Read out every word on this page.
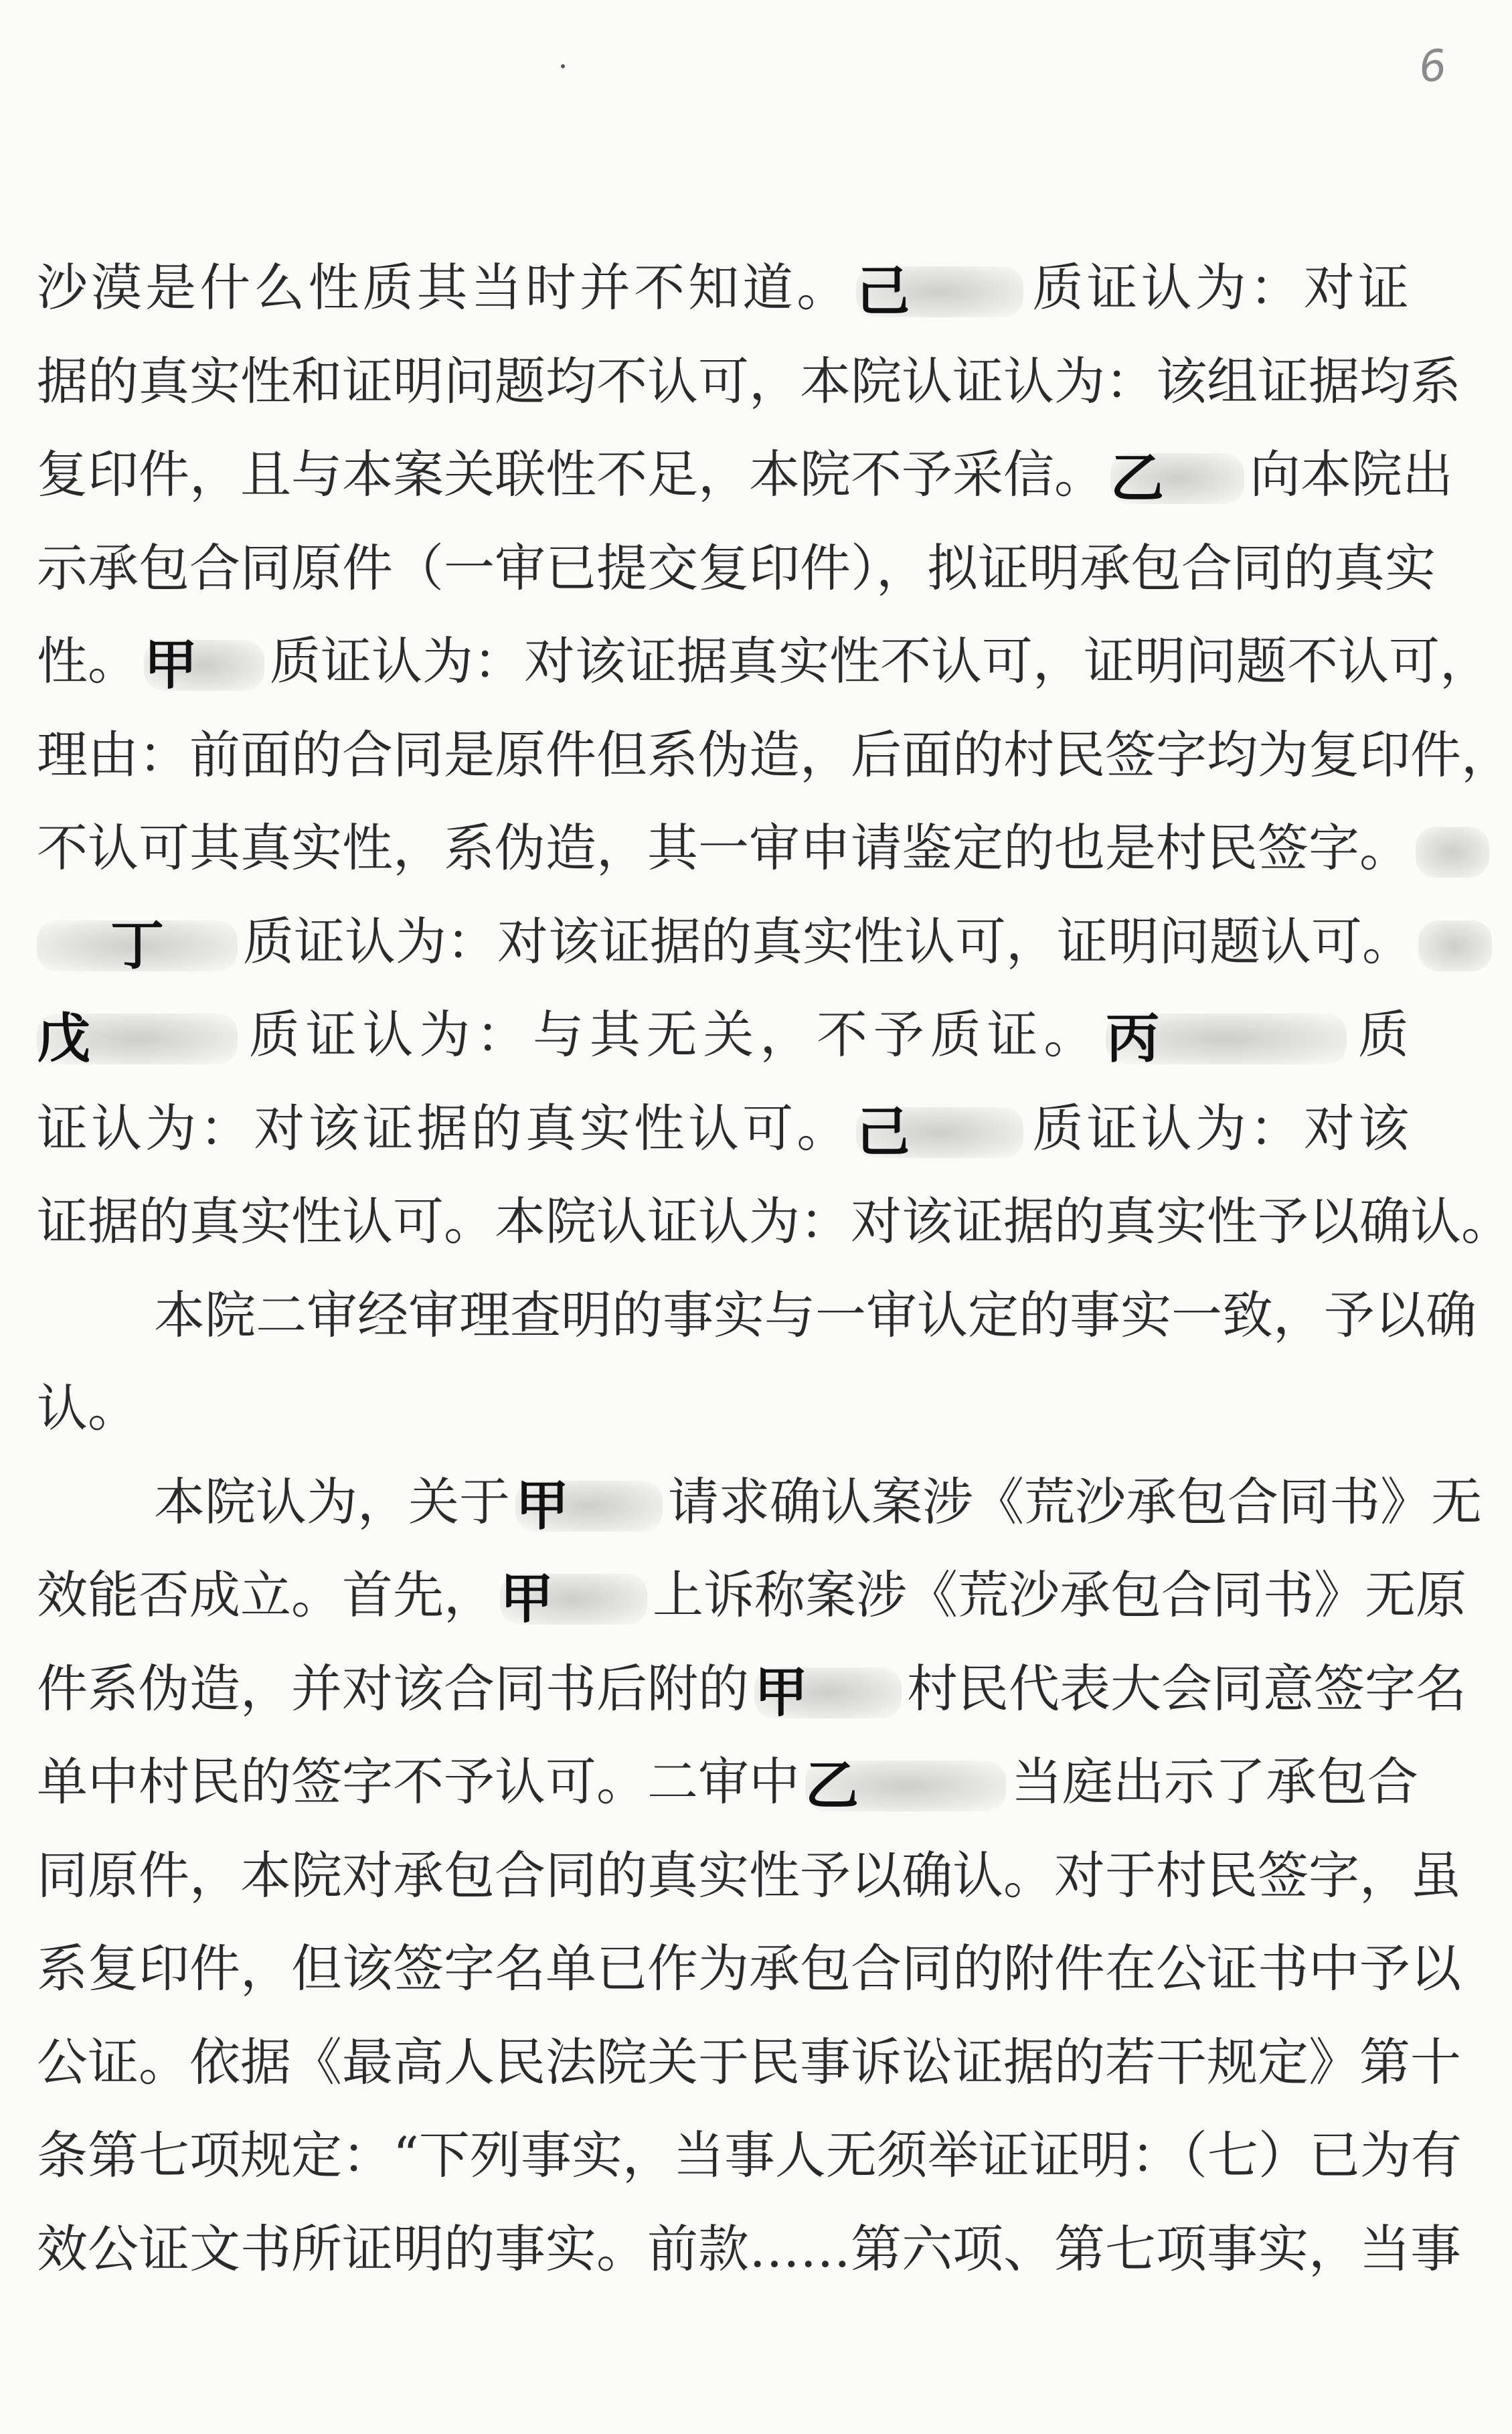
6
沙漠是什么性质其当时并不知道。 己 质证认为：对证
据的真实性和证明问题均不认可，本院认证认为：该组证据均系
复印件，且与本案关联性不足，本院不予采信。 乙 向本院出
示承包合同原件（一审已提交复印件），拟证明承包合同的真实
性。 甲 质证认为：对该证据真实性不认可，证明问题不认可，
理由：前面的合同是原件但系伪造，后面的村民签字均为复印件，
不认可其真实性，系伪造，其一审申请鉴定的也是村民签字。
丁 质证认为：对该证据的真实性认可，证明问题认可。
戊	质证认为：与其无关，不予质证。 丙	质
证认为：对该证据的真实性认可。 己 质证认为：对该
证据的真实性认可。本院认证认为：对该证据的真实性予以确认。
本院二审经审理查明的事实与一审认定的事实一致，予以确
认。
本院认为，关于 甲 请求确认案涉《荒沙承包合同书》无
效能否成立。首先， 甲 上诉称案涉《荒沙承包合同书》无原
件系伪造，并对该合同书后附的 甲 村民代表大会同意签字名
单中村民的签字不予认可。二审中 乙	当庭出示了承包合
同原件，本院对承包合同的真实性予以确认。对于村民签字，虽
系复印件，但该签字名单已作为承包合同的附件在公证书中予以
公证。依据《最高人民法院关于民事诉讼证据的若干规定》第十
条第七项规定：“下列事实，当事人无须举证证明：（七）已为有
效公证文书所证明的事实。前款……第六项、第七项事实，当事
